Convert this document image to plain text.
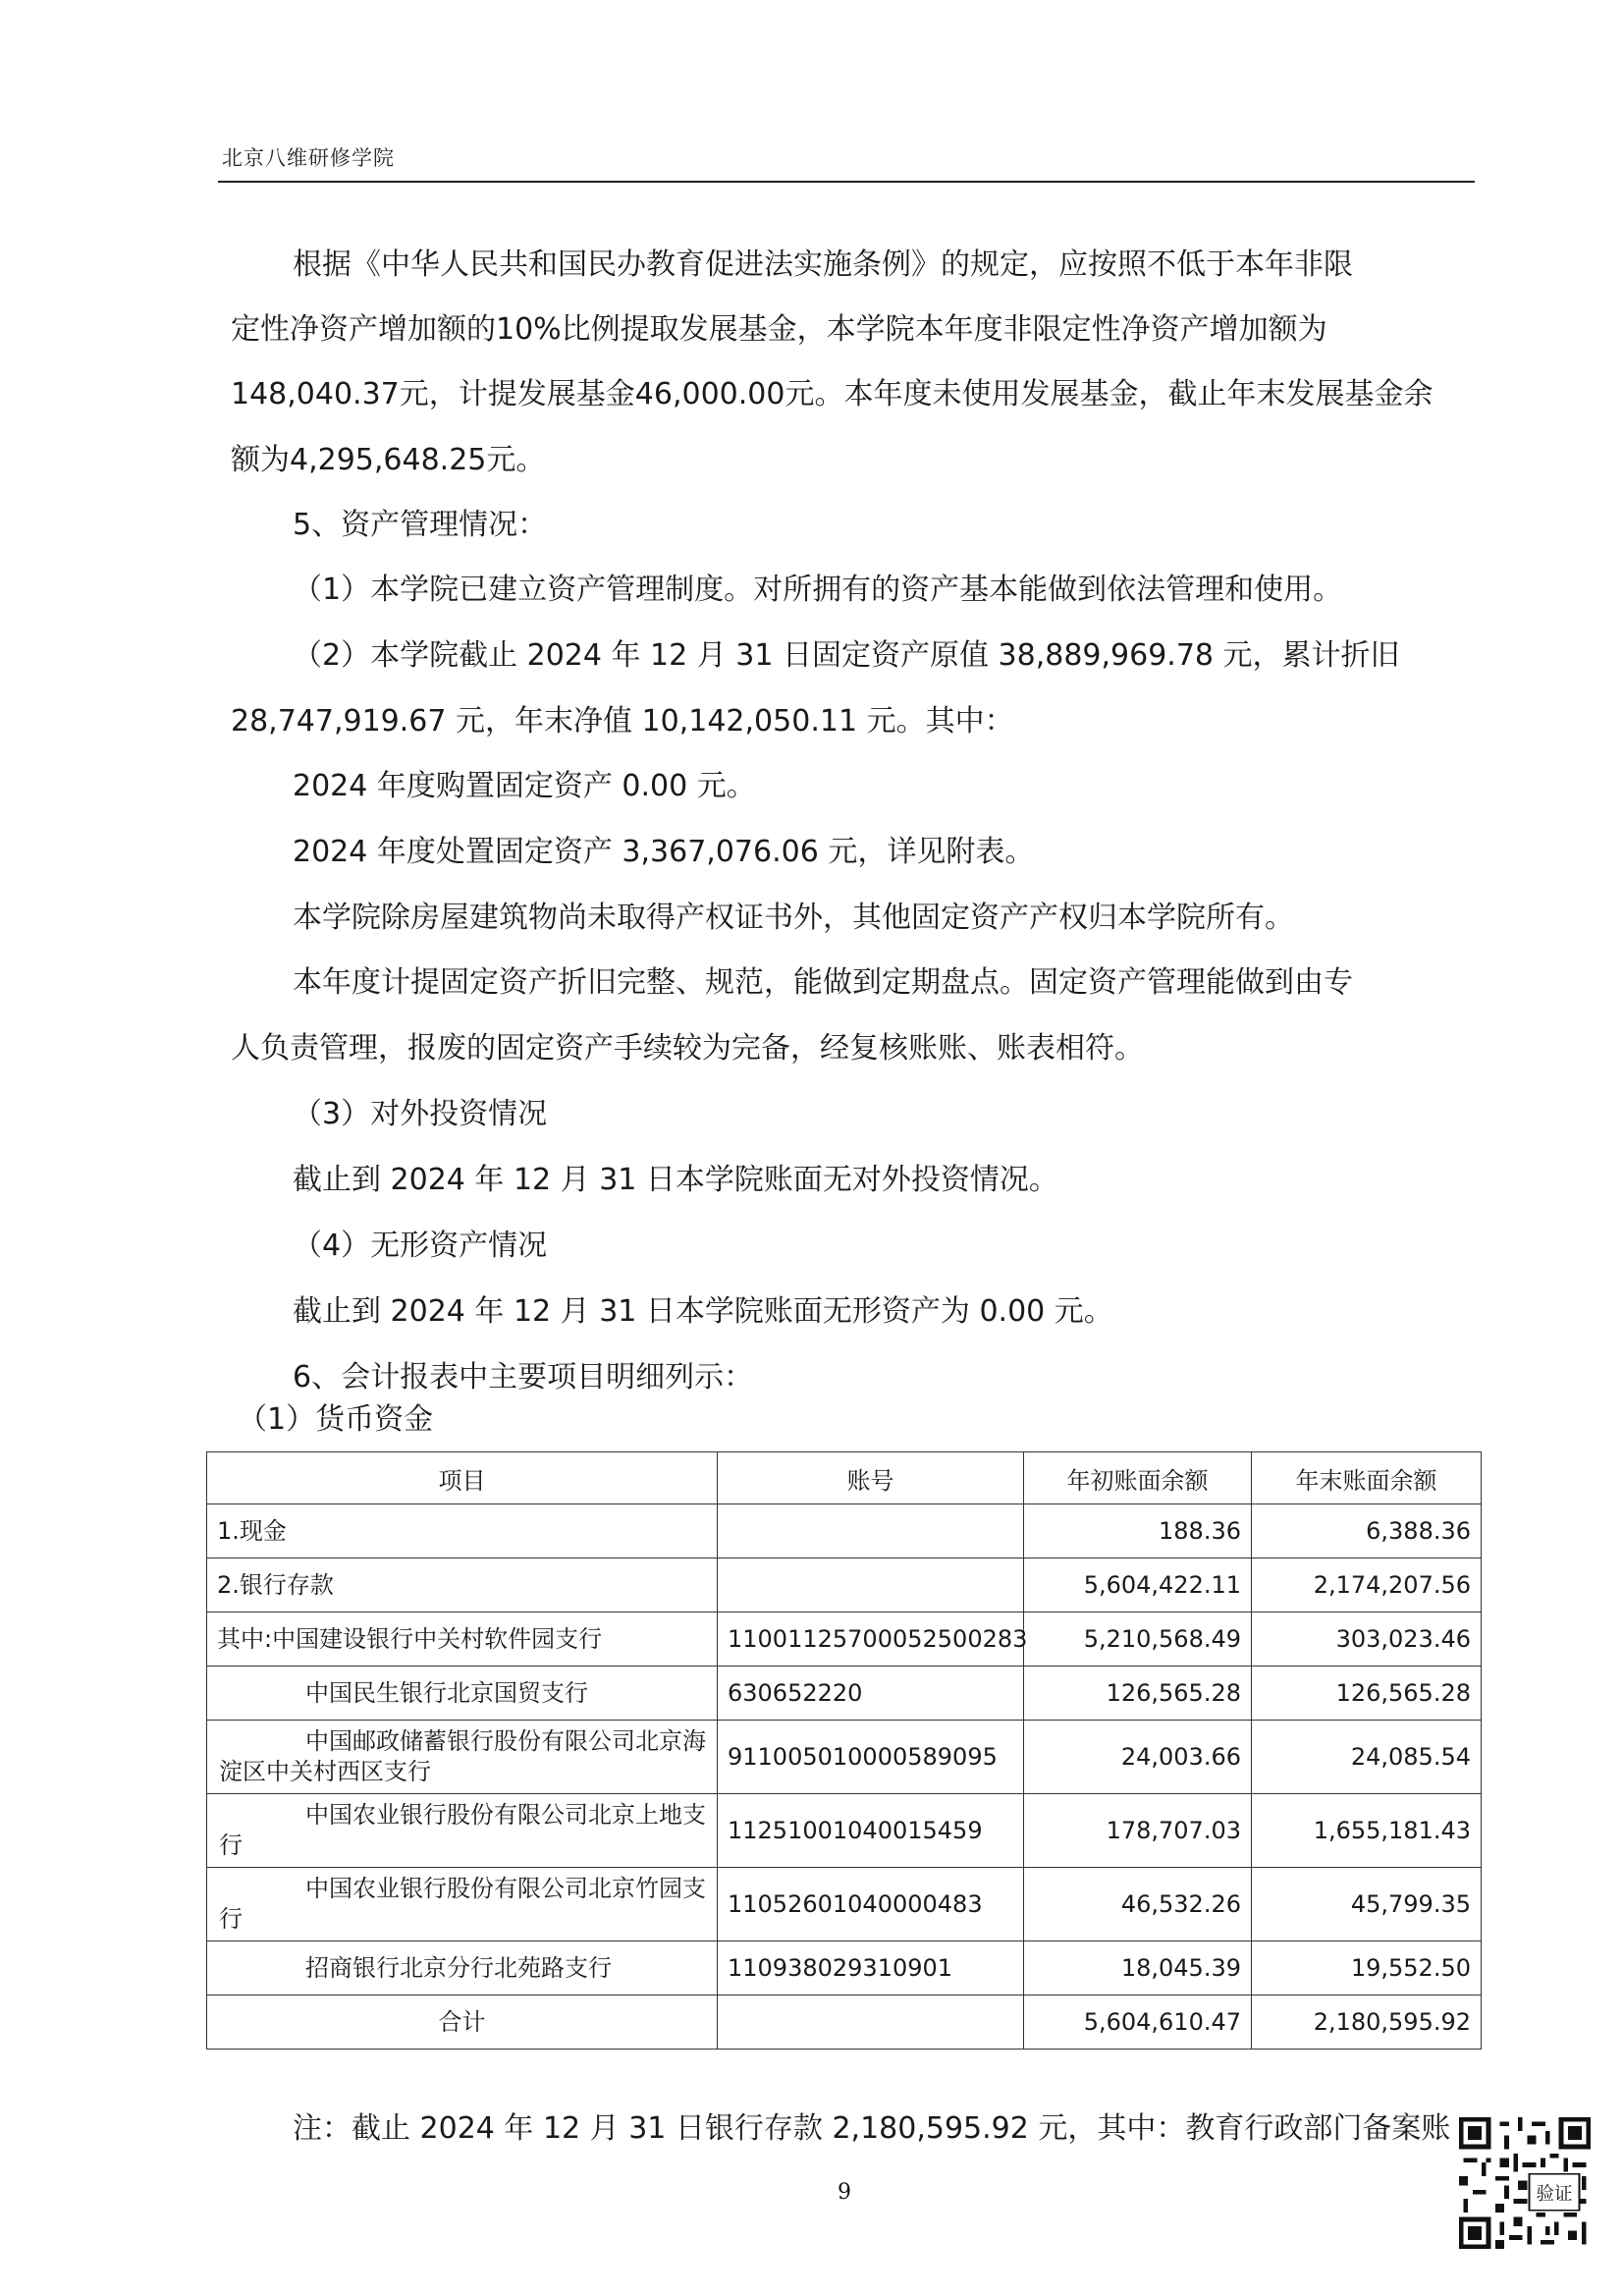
北京八维研修学院
根据《中华人民共和国民办教育促进法实施条例》的规定，应按照不低于本年非限
定性净资产增加额的10%比例提取发展基金，本学院本年度非限定性净资产增加额为
148,040.37元，计提发展基金46,000.00元。本年度未使用发展基金，截止年末发展基金余
额为4,295,648.25元。
5、资产管理情况：
（1）本学院已建立资产管理制度。对所拥有的资产基本能做到依法管理和使用。
（2）本学院截止 2024 年 12 月 31 日固定资产原值 38,889,969.78 元，累计折旧
28,747,919.67 元，年末净值 10,142,050.11 元。其中：
2024 年度购置固定资产 0.00 元。
2024 年度处置固定资产 3,367,076.06 元，详见附表。
本学院除房屋建筑物尚未取得产权证书外，其他固定资产产权归本学院所有。
本年度计提固定资产折旧完整、规范，能做到定期盘点。固定资产管理能做到由专
人负责管理，报废的固定资产手续较为完备，经复核账账、账表相符。
（3）对外投资情况
截止到 2024 年 12 月 31 日本学院账面无对外投资情况。
（4）无形资产情况
截止到 2024 年 12 月 31 日本学院账面无形资产为 0.00 元。
6、会计报表中主要项目明细列示：
（1）货币资金
项目	账号	年初账面余额	年末账面余额
1.现金		188.36	6,388.36
2.银行存款		5,604,422.11	2,174,207.56
其中:中国建设银行中关村软件园支行	11001125700052500283	5,210,568.49	303,023.46
中国民生银行北京国贸支行	630652220	126,565.28	126,565.28
中国邮政储蓄银行股份有限公司北京海淀区中关村西区支行	911005010000589095	24,003.66	24,085.54
中国农业银行股份有限公司北京上地支行	11251001040015459	178,707.03	1,655,181.43
中国农业银行股份有限公司北京竹园支行	11052601040000483	46,532.26	45,799.35
招商银行北京分行北苑路支行	110938029310901	18,045.39	19,552.50
合计		5,604,610.47	2,180,595.92
注：截止 2024 年 12 月 31 日银行存款 2,180,595.92 元，其中：教育行政部门备案账
9	验证
